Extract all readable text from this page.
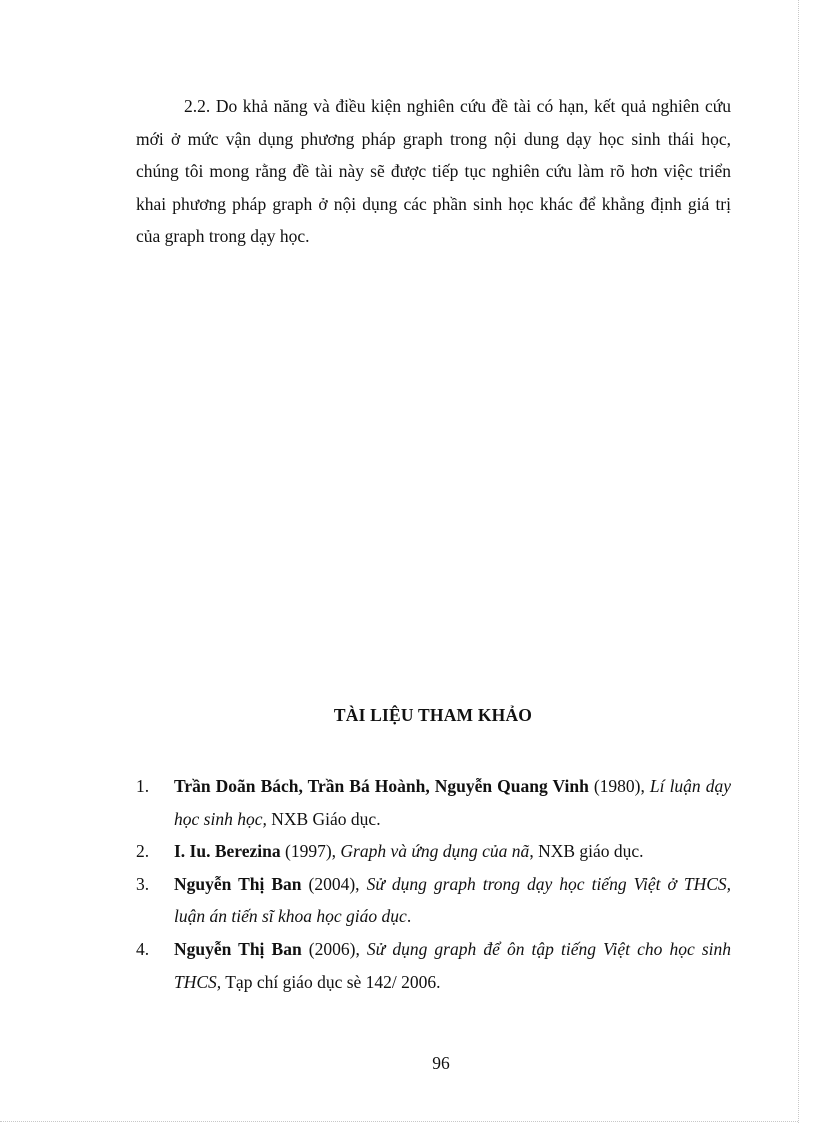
2.2. Do khả năng và điều kiện nghiên cứu đề tài có hạn, kết quả nghiên cứu mới ở mức vận dụng phương pháp graph trong nội dung dạy học sinh thái học, chúng tôi mong rằng đề tài này sẽ được tiếp tục nghiên cứu làm rõ hơn việc triển khai phương pháp graph ở nội dụng các phần sinh học khác để khẳng định giá trị của graph trong dạy học.

TÀI LIỆU THAM KHẢO
1. Trần Doãn Bách, Trần Bá Hoành, Nguyễn Quang Vinh (1980), Lí luận dạy học sinh học, NXB Giáo dục.
2. I. Iu. Berezina (1997), Graph và ứng dụng của nã, NXB giáo dục.
3. Nguyễn Thị Ban (2004), Sử dụng graph trong dạy học tiếng Việt ở THCS, luận án tiến sĩ khoa học giáo dục.
4. Nguyễn Thị Ban (2006), Sử dụng graph để ôn tập tiếng Việt cho học sinh THCS, Tạp chí giáo dục sè 142/ 2006.

96
